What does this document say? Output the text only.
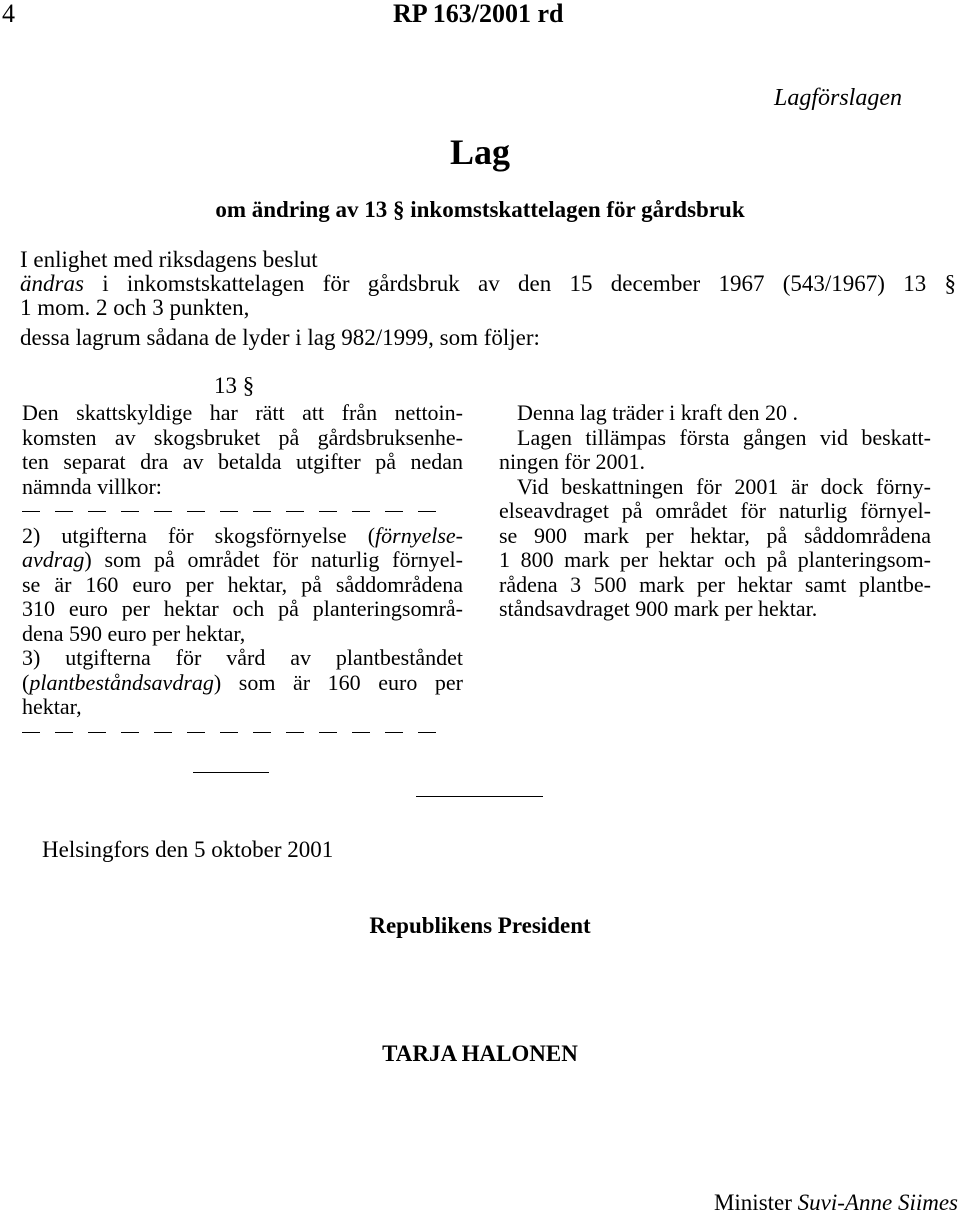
4	RP 163/2001 rd
Lagförslagen
Lag
om ändring av 13 § inkomstskattelagen för gårdsbruk
I enlighet med riksdagens beslut
ändras i inkomstskattelagen för gårdsbruk av den 15 december 1967 (543/1967) 13 §
1 mom. 2 och 3 punkten,
dessa lagrum sådana de lyder i lag 982/1999, som följer:
13 §
Den skattskyldige har rätt att från nettoin-
komsten av skogsbruket på gårdsbruksenhe-
ten separat dra av betalda utgifter på nedan
nämnda villkor:
2) utgifterna för skogsförnyelse (förnyelse-
avdrag) som på området för naturlig förnyel-
se är 160 euro per hektar, på såddområdena
310 euro per hektar och på planteringsområ-
dena 590 euro per hektar,
3) utgifterna för vård av plantbeståndet
(plantbeståndsavdrag) som är 160 euro per
hektar,
Denna lag träder i kraft den 20 .
Lagen tillämpas första gången vid beskatt-
ningen för 2001.
Vid beskattningen för 2001 är dock förny-
elseavdraget på området för naturlig förnyel-
se 900 mark per hektar, på såddområdena
1 800 mark per hektar och på planteringsom-
rådena 3 500 mark per hektar samt plantbe-
ståndsavdraget 900 mark per hektar.
Helsingfors den 5 oktober 2001
Republikens President
TARJA HALONEN
Minister Suvi-Anne Siimes
